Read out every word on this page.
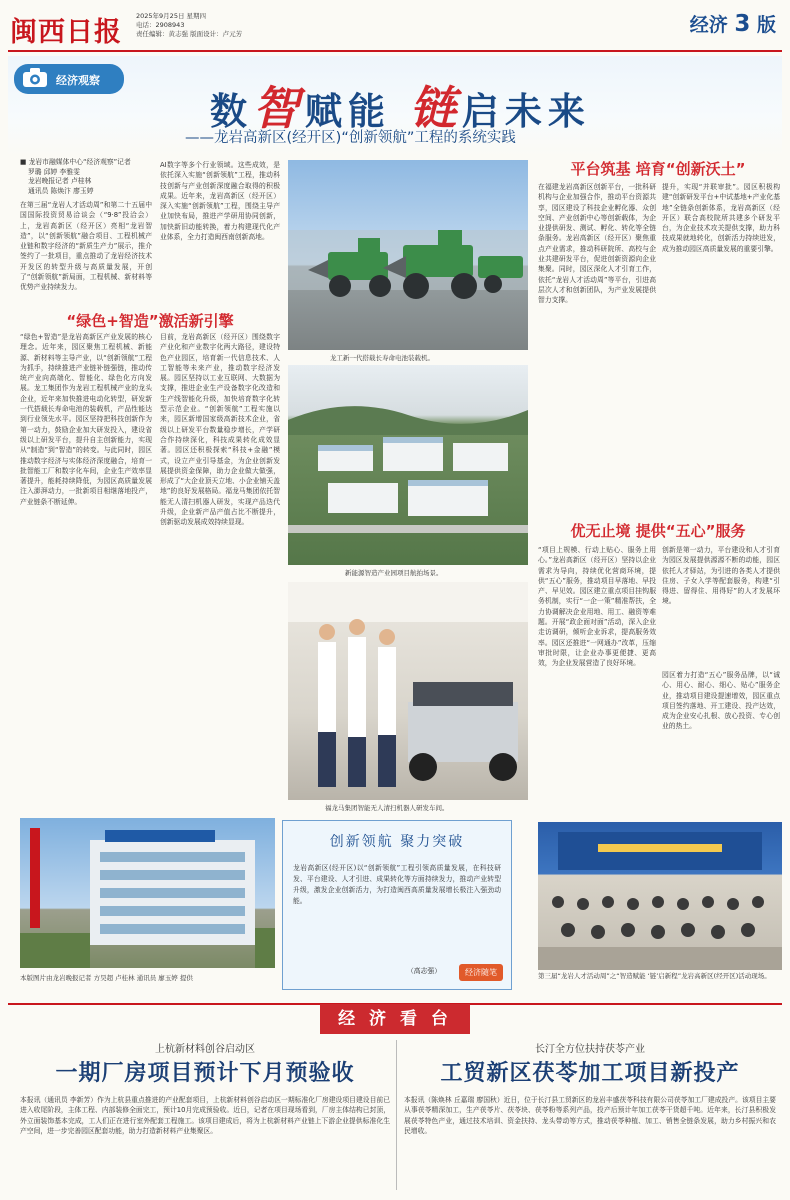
闽西日报
2025年9月25日 星期四
电话：2908943
责任编辑：黄志强 版面设计：卢元芳	经济 3 版
经济观察
数智赋能 链启未来
——龙岩高新区(经开区)“创新领航”工程的系统实践
■ 龙岩市融媒体中心“经济观察”记者
罗璐 邱婷 李雅雯
龙岩晚报记者 卢桂林
通讯员 陈焕汴 廖玉婷
在第三届“龙岩人才活动周”和第二十五届中国国际投资贸易洽谈会（“9·8”投洽会）上，龙岩高新区（经开区）亮相“龙岩智造”，以“创新领航”融合项目、工程机械产业链和数字经济的“新质生产力”展示，推介签约了一批项目，重点推动了龙岩经济技术开发区的转型升级与高质量发展，开创了“创新领航”新局面，工程机械、新材料等优势产业持续发力。
“绿色+智造”激活新引擎
“绿色+智造”是龙岩高新区产业发展的核心理念。近年来，园区聚焦工程机械、新能源、新材料等主导产业，以“创新领航”工程为抓手，持续推进产业链补链强链，推动传统产业向高端化、智能化、绿色化方向发展。龙工集团作为龙岩工程机械产业的龙头企业，近年来加快推进电动化转型，研发新一代搭载长寿命电池的装载机，产品性能达到行业领先水平。园区坚持把科技创新作为第一动力，鼓励企业加大研发投入，建设省级以上研发平台，提升自主创新能力，实现从“制造”到“智造”的转变。与此同时，园区推动数字经济与实体经济深度融合，培育一批智能工厂和数字化车间，企业生产效率显著提升，能耗持续降低，为园区高质量发展注入澎湃动力，一批新项目相继落地投产，产业链条不断延伸。
AI数字等多个行业领域。这些成效，是依托深入实施“创新领航”工程，推动科技创新与产业创新深度融合取得的积极成果。近年来，龙岩高新区（经开区）深入实施“创新领航”工程，围绕主导产业加快布局，推进产学研用协同创新，加快新旧动能转换，着力构建现代化产业体系，全力打造闽西南创新高地。
目前，龙岩高新区（经开区）围绕数字产业化和产业数字化两大路径，建设特色产业园区，培育新一代信息技术、人工智能等未来产业，推动数字经济发展。园区坚持以工业互联网、大数据为支撑，推进企业生产设备数字化改造和生产线智能化升级，加快培育数字化转型示范企业。“创新领航”工程实施以来，园区新增国家级高新技术企业，省级以上研发平台数量稳步增长，产学研合作持续深化，科技成果转化成效显著。园区还积极探索“科技+金融”模式，设立产业引导基金，为企业创新发展提供资金保障，助力企业做大做强，形成了“大企业顶天立地、小企业铺天盖地”的良好发展格局。福龙马集团依托智能无人清扫机器人研发，实现产品迭代升级，企业新产品产值占比不断提升，创新驱动发展成效持续显现。
龙工新一代搭载长寿命电池装载机。
新能源智造产业园项目航拍场景。
福龙马集团智能无人清扫机器人研发车间。
平台筑基 培育“创新沃土”
在福建龙岩高新区创新平台，一批科研机构与企业加强合作，推动平台资源共享，园区建设了科技企业孵化器、众创空间、产业创新中心等创新载体，为企业提供研发、测试、孵化、转化等全链条服务。龙岩高新区（经开区）聚焦重点产业需求，推动科研院所、高校与企业共建研发平台，促进创新资源向企业集聚。同时，园区深化人才引育工作，依托“龙岩人才活动周”等平台，引进高层次人才和创新团队，为产业发展提供智力支撑。
提升，实现“并联审批”。园区积极构建“创新研发平台+中试基地+产业化基地”全链条创新体系，龙岩高新区（经开区）联合高校院所共建多个研发平台，为企业技术攻关提供支撑，助力科技成果就地转化，创新活力持续迸发，成为推动园区高质量发展的重要引擎。
优无止境 提供“五心”服务
“项目上规模、行动上贴心、服务上用心。”龙岩高新区（经开区）坚持以企业需求为导向，持续优化营商环境，提供“五心”服务，推动项目早落地、早投产、早见效。园区建立重点项目挂钩服务机制，实行“一企一策”精准帮扶，全力协调解决企业用地、用工、融资等难题。开展“政企面对面”活动，深入企业走访调研，倾听企业诉求，提高服务效率。园区还推进“一网通办”改革，压缩审批时限，让企业办事更便捷、更高效，为企业发展营造了良好环境。
创新是第一动力，平台建设和人才引育为园区发展提供源源不断的动能，园区依托人才驿站，为引进的各类人才提供住房、子女入学等配套服务，构建“引得进、留得住、用得好”的人才发展环境。
园区着力打造“五心”服务品牌，以“诚心、用心、耐心、细心、贴心”服务企业，推动项目建设提速增效，园区重点项目签约落地、开工建设、投产达效，成为企业安心扎根、放心投资、专心创业的热土。
第三届“龙岩人才活动周”之“智造赋能 ‘链’启新程”龙岩高新区(经开区)活动现场。
本版图片由龙岩晚报记者 方昊超 卢桂林 通讯员 廖玉婷 提供
创新领航 聚力突破
龙岩高新区(经开区)以“创新领航”工程引领高质量发展，在科技研发、平台建设、人才引进、成果转化等方面持续发力，推动产业转型升级，激发企业创新活力，为打造闽西高质量发展增长极注入强劲动能。
（高志强）	经济随笔
经 济 看 台
上杭新材料创谷启动区
一期厂房项目预计下月预验收
本报讯（通讯员 李新芳）作为上杭县重点推进的产业配套项目，上杭新材料创谷启动区一期标准化厂房建设项目建设目前已进入收尾阶段，主体工程、内部装修全面完工，预计10月完成预验收。近日，记者在项目现场看到，厂房主体结构已封顶，外立面装饰基本完成，工人们正在进行室外配套工程施工。该项目建成后，将为上杭新材料产业链上下游企业提供标准化生产空间，进一步完善园区配套功能，助力打造新材料产业集聚区。
长汀全方位扶持茯苓产业
工贸新区茯苓加工项目新投产
本报讯（陈焕林 丘嘉瑞 廖国秋）近日，位于长汀县工贸新区的龙岩丰盛茯苓科技有限公司茯苓加工厂建成投产。该项目主要从事茯苓精深加工，生产茯苓片、茯苓块、茯苓粉等系列产品，投产后预计年加工茯苓干货超千吨。近年来，长汀县积极发展茯苓特色产业，通过技术培训、资金扶持、龙头带动等方式，推动茯苓种植、加工、销售全链条发展，助力乡村振兴和农民增收。
